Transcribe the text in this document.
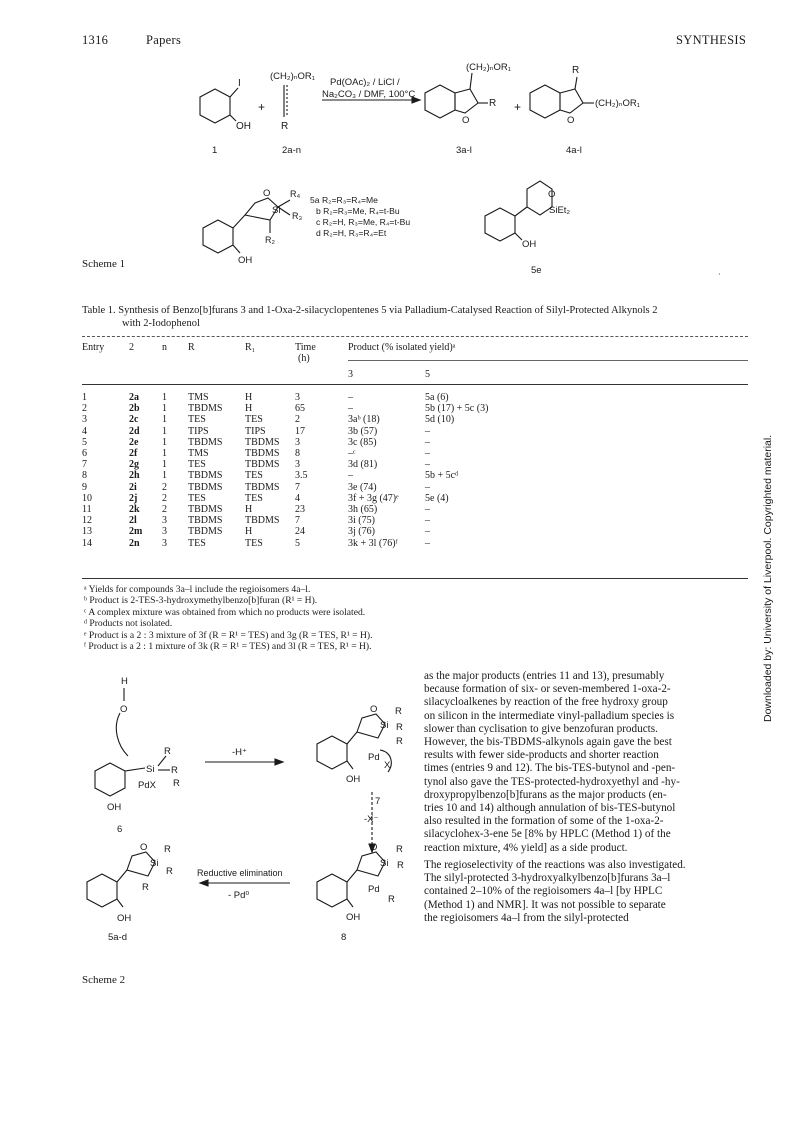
1316	Papers	SYNTHESIS
I
OH
+
(CH₂)ₙOR₁
R
Pd(OAc)₂ / LiCl /
Na₂CO₃ / DMF, 100°C
(CH₂)ₙOR₁
R
O
+
R
(CH₂)ₙOR₁
O
1	2a-n	3a-l	4a-l
O
Si
R₄
R₃
R₂
OH
5a R₂=R₃=R₄=Me
b R₂=R₃=Me, R₄=t-Bu
c R₂=H, R₃=Me, R₄=t-Bu
d R₂=H, R₃=R₄=Et
O
SiEt₂
OH
5e
Scheme 1
·
Table 1. Synthesis of Benzo[b]furans 3 and 1-Oxa-2-silacyclopentenes 5 via Palladium-Catalysed Reaction of Silyl-Protected Alkynols 2
with 2-Iodophenol
Entry 2	n R	R₁	Time
(h)
Product (% isolated yield)ᵃ
3	5
1	2a	1	TMS	H	3	–	5a (6)
2	2b	1	TBDMS	H	65	–	5b (17) + 5c (3)
3	2c	1	TES	TES	2	3aᵇ (18)	5d (10)
4	2d	1	TIPS	TIPS	17	3b (57)	–
5	2e	1	TBDMS	TBDMS	3	3c (85)	–
6	2f	1	TMS	TBDMS	8	–ᶜ	–
7	2g	1	TES	TBDMS	3	3d (81)	–
8	2h	1	TBDMS	TES	3.5	–	5b + 5cᵈ
9	2i	2	TBDMS	TBDMS	7	3e (74)	–
10	2j	2	TES	TES	4	3f + 3g (47)ᵉ	5e (4)
11	2k	2	TBDMS	H	23	3h (65)	–
12	2l	3	TBDMS	TBDMS	7	3i (75)	–
13	2m	3	TBDMS	H	24	3j (76)	–
14	2n	3	TES	TES	5	3k + 3l (76)ᶠ	–
ᵃ Yields for compounds 3a–l include the regioisomers 4a–l.
ᵇ Product is 2-TES-3-hydroxymethylbenzo[b]furan (R¹ = H).
ᶜ A complex mixture was obtained from which no products were isolated.
ᵈ Products not isolated.
ᵉ Product is a 2 : 3 mixture of 3f (R = R¹ = TES) and 3g (R = TES, R¹ = H).
ᶠ Product is a 2 : 1 mixture of 3k (R = R¹ = TES) and 3l (R = TES, R¹ = H).
H
O
Si
R
R
PdX R
OH
6
-H⁺
O
Si
R
R
R
Pd
X
OH
7
-X⁻
O
Si
R
R
Pd
R
OH
8
Reductive elimination
- Pd⁰
O
Si
R
R
R
OH
5a-d
Scheme 2
as the major products (entries 11 and 13), presumably
because formation of six- or seven-membered 1-oxa-2-
silacycloalkenes by reaction of the free hydroxy group
on silicon in the intermediate vinyl-palladium species is
slower than cyclisation to give benzofuran products.
However, the bis-TBDMS-alkynols again gave the best
results with fewer side-products and shorter reaction
times (entries 9 and 12). The bis-TES-butynol and -pen-
tynol also gave the TES-protected-hydroxyethyl and -hy-
droxypropylbenzo[b]furans as the major products (en-
tries 10 and 14) although annulation of bis-TES-butynol
also resulted in the formation of some of the 1-oxa-2-
silacyclohex-3-ene 5e [8% by HPLC (Method 1) of the
reaction mixture, 4% yield] as a side product.
The regioselectivity of the reactions was also investigated.
The silyl-protected 3-hydroxyalkylbenzo[b]furans 3a–l
contained 2–10% of the regioisomers 4a–l [by HPLC
(Method 1) and NMR]. It was not possible to separate
the regioisomers 4a–l from the silyl-protected
Downloaded by: University of Liverpool. Copyrighted material.
